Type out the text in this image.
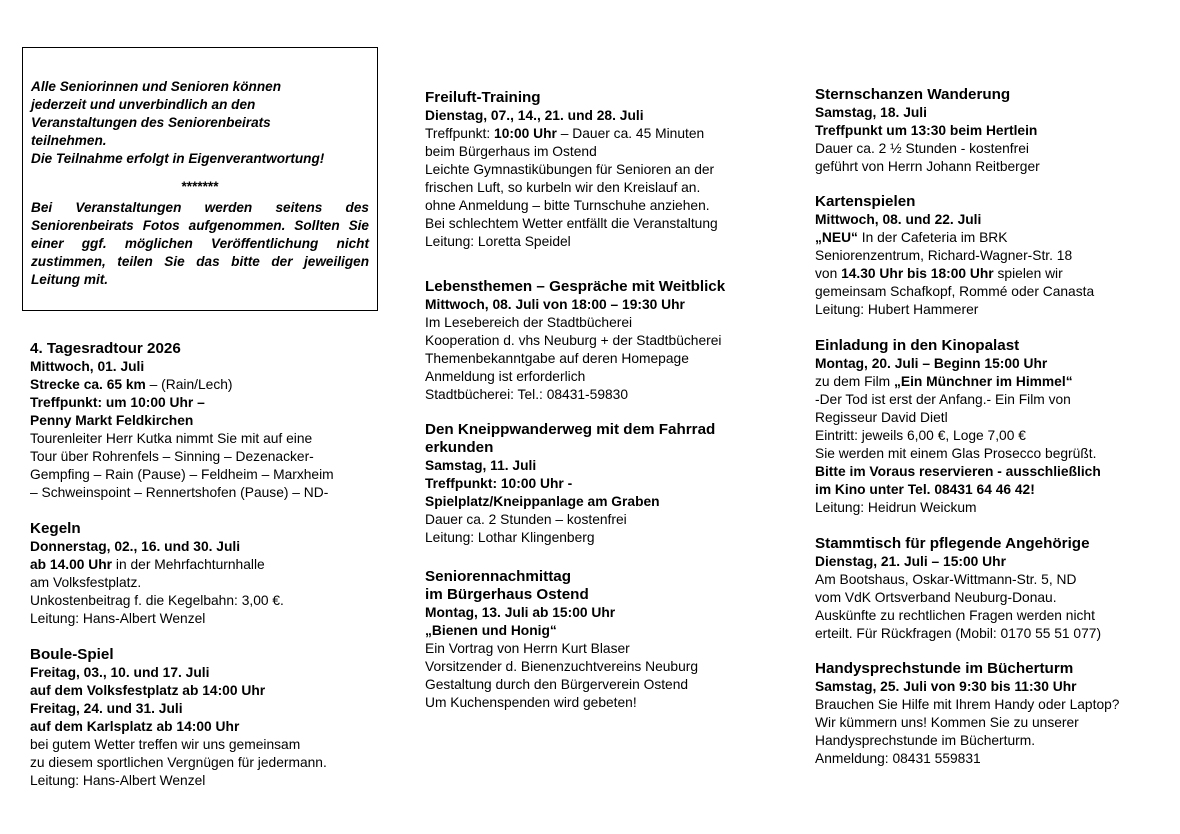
Alle Seniorinnen und Senioren können
jederzeit und unverbindlich an den
Veranstaltungen des Seniorenbeirats
teilnehmen.
Die Teilnahme erfolgt in Eigenverantwortung!
*******
Bei Veranstaltungen werden seitens des Seniorenbeirats Fotos aufgenommen. Sollten Sie einer ggf. möglichen Veröffentlichung nicht zustimmen, teilen Sie das bitte der jeweiligen Leitung mit.
4. Tagesradtour 2026
Mittwoch, 01. Juli
Strecke ca. 65 km – (Rain/Lech)
Treffpunkt: um 10:00 Uhr –
Penny Markt Feldkirchen
Tourenleiter Herr Kutka nimmt Sie mit auf eine
Tour über Rohrenfels – Sinning – Dezenacker-
Gempfing – Rain (Pause) – Feldheim – Marxheim
– Schweinspoint – Rennertshofen (Pause) – ND-
Kegeln
Donnerstag, 02., 16. und 30. Juli
ab 14.00 Uhr in der Mehrfachturnhalle
am Volksfestplatz.
Unkostenbeitrag f. die Kegelbahn: 3,00 €.
Leitung: Hans-Albert Wenzel
Boule-Spiel
Freitag, 03., 10. und 17. Juli
auf dem Volksfestplatz ab 14:00 Uhr
Freitag, 24. und 31. Juli
auf dem Karlsplatz ab 14:00 Uhr
bei gutem Wetter treffen wir uns gemeinsam
zu diesem sportlichen Vergnügen für jedermann.
Leitung: Hans-Albert Wenzel
Freiluft-Training
Dienstag, 07., 14., 21. und 28. Juli
Treffpunkt: 10:00 Uhr – Dauer ca. 45 Minuten
beim Bürgerhaus im Ostend
Leichte Gymnastikübungen für Senioren an der
frischen Luft, so kurbeln wir den Kreislauf an.
ohne Anmeldung – bitte Turnschuhe anziehen.
Bei schlechtem Wetter entfällt die Veranstaltung
Leitung: Loretta Speidel
Lebensthemen – Gespräche mit Weitblick
Mittwoch, 08. Juli von 18:00 – 19:30 Uhr
Im Lesebereich der Stadtbücherei
Kooperation d. vhs Neuburg + der Stadtbücherei
Themenbekanntgabe auf deren Homepage
Anmeldung ist erforderlich
Stadtbücherei: Tel.: 08431-59830
Den Kneippwanderweg mit dem Fahrrad
erkunden
Samstag, 11. Juli
Treffpunkt: 10:00 Uhr -
Spielplatz/Kneippanlage am Graben
Dauer ca. 2 Stunden – kostenfrei
Leitung: Lothar Klingenberg
Seniorennachmittag
im Bürgerhaus Ostend
Montag, 13. Juli ab 15:00 Uhr
„Bienen und Honig“
Ein Vortrag von Herrn Kurt Blaser
Vorsitzender d. Bienenzuchtvereins Neuburg
Gestaltung durch den Bürgerverein Ostend
Um Kuchenspenden wird gebeten!
Sternschanzen Wanderung
Samstag, 18. Juli
Treffpunkt um 13:30 beim Hertlein
Dauer ca. 2 ½ Stunden - kostenfrei
geführt von Herrn Johann Reitberger
Kartenspielen
Mittwoch, 08. und 22. Juli
„NEU“ In der Cafeteria im BRK
Seniorenzentrum, Richard-Wagner-Str. 18
von 14.30 Uhr bis 18:00 Uhr spielen wir
gemeinsam Schafkopf, Rommé oder Canasta
Leitung: Hubert Hammerer
Einladung in den Kinopalast
Montag, 20. Juli – Beginn 15:00 Uhr
zu dem Film „Ein Münchner im Himmel“
-Der Tod ist erst der Anfang.- Ein Film von
Regisseur David Dietl
Eintritt: jeweils 6,00 €, Loge 7,00 €
Sie werden mit einem Glas Prosecco begrüßt.
Bitte im Voraus reservieren - ausschließlich
im Kino unter Tel. 08431 64 46 42!
Leitung: Heidrun Weickum
Stammtisch für pflegende Angehörige
Dienstag, 21. Juli – 15:00 Uhr
Am Bootshaus, Oskar-Wittmann-Str. 5, ND
vom VdK Ortsverband Neuburg-Donau.
Auskünfte zu rechtlichen Fragen werden nicht
erteilt. Für Rückfragen (Mobil: 0170 55 51 077)
Handysprechstunde im Bücherturm
Samstag, 25. Juli von 9:30 bis 11:30 Uhr
Brauchen Sie Hilfe mit Ihrem Handy oder Laptop?
Wir kümmern uns! Kommen Sie zu unserer
Handysprechstunde im Bücherturm.
Anmeldung: 08431 559831
